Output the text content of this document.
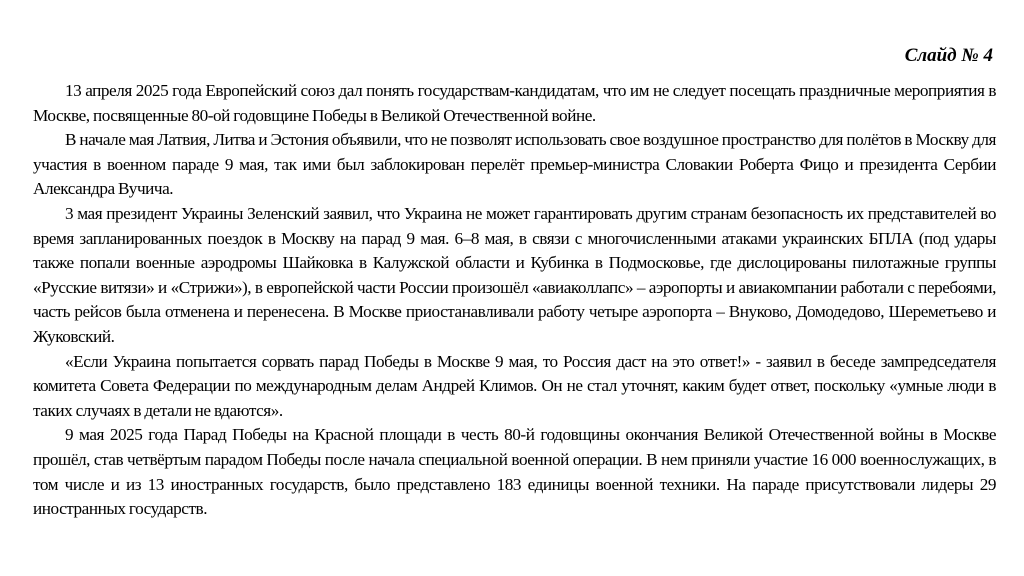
Слайд № 4

13 апреля 2025 года Европейский союз дал понять государствам-кандидатам, что им не следует посещать праздничные мероприятия в Москве, посвященные 80-ой годовщине Победы в Великой Отечественной войне.

В начале мая Латвия, Литва и Эстония объявили, что не позволят использовать свое воздушное пространство для полётов в Москву для участия в военном параде 9 мая, так ими был заблокирован перелёт премьер-министра Словакии Роберта Фицо и президента Сербии Александра Вучича.

3 мая президент Украины Зеленский заявил, что Украина не может гарантировать другим странам безопасность их представителей во время запланированных поездок в Москву на парад 9 мая. 6–8 мая, в связи с многочисленными атаками украинских БПЛА (под удары также попали военные аэродромы Шайковка в Калужской области и Кубинка в Подмосковье, где дислоцированы пилотажные группы «Русские витязи» и «Стрижи»), в европейской части России произошёл «авиаколлапс» – аэропорты и авиакомпании работали с перебоями, часть рейсов была отменена и перенесена. В Москве приостанавливали работу четыре аэропорта – Внуково, Домодедово, Шереметьево и Жуковский.

«Если Украина попытается сорвать парад Победы в Москве 9 мая, то Россия даст на это ответ!» - заявил в беседе зампредседателя комитета Совета Федерации по международным делам Андрей Климов. Он не стал уточнят, каким будет ответ, поскольку «умные люди в таких случаях в детали не вдаются».

9 мая 2025 года Парад Победы на Красной площади в честь 80-й годовщины окончания Великой Отечественной войны в Москве прошёл, став четвёртым парадом Победы после начала специальной военной операции. В нем приняли участие 16 000 военнослужащих, в том числе и из 13 иностранных государств, было представлено 183 единицы военной техники. На параде присутствовали лидеры 29 иностранных государств.
